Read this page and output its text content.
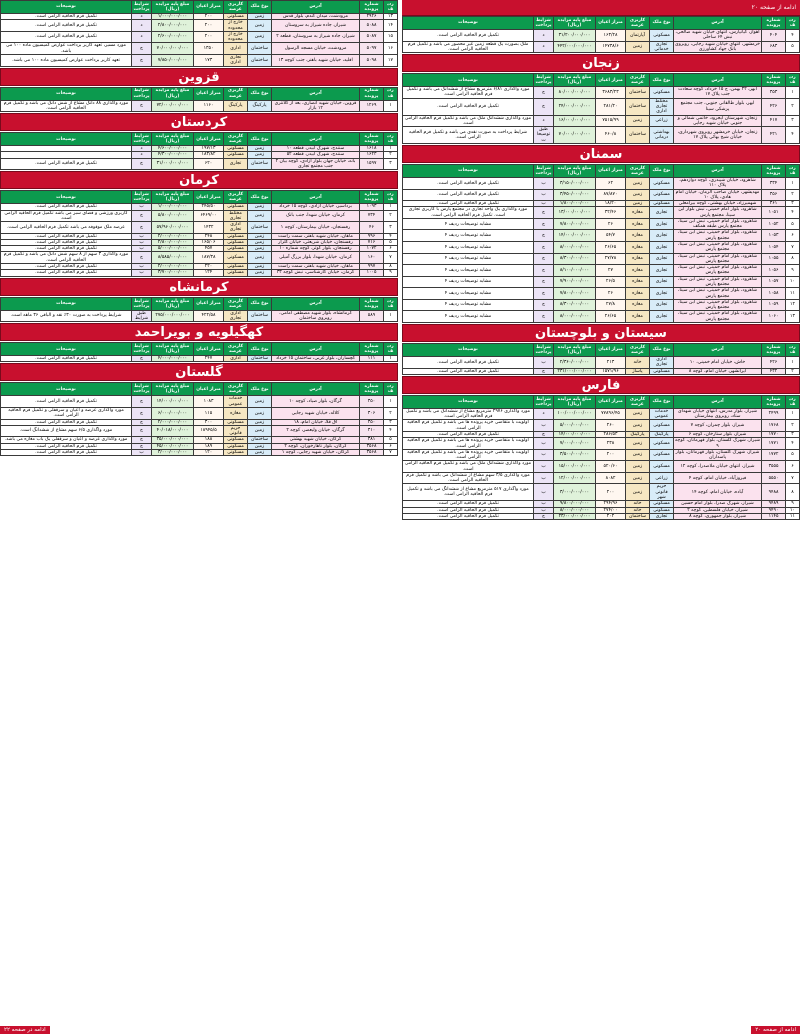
ادامه از صفحه ۲۰
ردیف	شماره پرونده	آدرس	نوع ملک	کاربری عرصه	متراژ اعیان	مبلغ پایه مزایده (ریال)	شرایط پرداخت	توضیحات
۴	۴۰۴	اهواز، کیانپارس، انتهای خیابان شهید صالحی، نبش ۶۴ ساحلی	مسکونی	آپارتمان	۱۶۳/۲۸	۳۱/۲۰۰/۰۰۰/۰۰۰	د	تکمیل فرم الحاقیه الزامی است.
۵	۶۸۳	خرمشهر، انتهای خیابان شهید رجایی، روبروی بانک جهاد کشاورزی	تجاری خدماتی	زمین	۱۴۷۳۸/۶	۴۴۲/۰۰۰/۰۰۰/۰۰۰	د	ملک بصورت یک قطعه زمین غیر محصور می باشد و تکمیل فرم الحاقیه الزامی است.
زنجان
ردیف	شماره پرونده	آدرس	نوع ملک	کاربری عرصه	متراژ اعیان	مبلغ پایه مزایده (ریال)	شرایط پرداخت	توضیحات
۱	۳۵۳	ابهر، ۲۲ بهمن، ج ۱۵ خرداد، کوچه سعادت جنب پلاک ۱۷	مسکونی	ساختمان	۳۶۸۳/۲۳	۸۰/۰۰۰/۰۰۰/۰۰۰	ج	مورد واگذاری ۶/۸۱ مترمربع مشاع از ششدانگ می باشد و تکمیل فرم الحاقیه الزامی است.
۲	۴۲۶	ابهر، بلوار طالقانی جنوبی، جنب مجتمع پزشکی سینا	مختلط تجاری اداری	ساختمان	۲۸۱/۲۰	۲۴/۰۰۰/۰۰۰/۰۰۰	ج	تکمیل فرم الحاقیه الزامی است.
۳	۴۱۷	زنجان، شهرستان ایجرود، خاتمی شمالی و جنوبی خیابان شهید رجایی	زراعی	زمین	۷۵۱۵/۹۹	۱۶/۰۰۰/۰۰۰/۰۰۰	د	مورد واگذاری ششدانگ ملک می باشد و تکمیل فرم الحاقیه الزامی است.
۴	۴۲۱	زنجان، خیابان خرمشهر روبروی شهرداری، خیابان شیخ بهائی پلاک ۱۷	بهداشتی درمانی	ساختمان	۴۶۰/۸	۷۰/۰۰۰/۰۰۰/۰۰۰	طبق توضیحات	شرایط پرداخت به صورت نقدی می باشد و تکمیل فرم الحاقیه الزامی است.
سمنان
ردیف	شماره پرونده	آدرس	نوع ملک	کاربری عرصه	متراژ اعیان	مبلغ پایه مزایده (ریال)	شرایط پرداخت	توضیحات
۱	۳۳۴	شاهرود، خیابان شیبدری، کوچه دوازدهم، پلاک ۱۱۰	مسکونی	زمین	۶۲	۳/۱۵۰/۰۰۰/۰۰۰	ب	تکمیل فرم الحاقیه الزامی است.
۲	۳۵۶	مهدیشهر، خیابان صاحب الزمان، خیابان امام هادی، پلاک ۱۰	مسکونی	زمین	۸۷/۸۷۰	۳/۴۵۰/۰۰۰/۰۰۰	ب	تکمیل فرم الحاقیه الزامی است.
۳	۳۶۱	شهمیرزاد، خیابان بهشتی، کوچه بیرامعلی	مسکونی	زمین	۱۸/۲۰	۱/۸۰۰/۰۰۰/۰۰۰	ب	تکمیل فرم الحاقیه الزامی است.
۴	۱۰۵۱	شاهرود، بلوار امام خمینی، نبش بلوار ابن سینا، مجتمع پارس	تجاری	مغازه	۳۲/۴۶	۱۳/۰۰۰/۰۰۰/۰۰۰	ج	مورد واگذاری یک واحد تجاری در مجتمع پارس با کاربری تجاری است. تکمیل فرم الحاقیه الزامی است.
۵	۱۰۵۲	شاهرود، بلوار امام خمینی، نبش ابن سینا، مجتمع پارس طبقه همکف	تجاری	مغازه	۲۶	۷/۸۰۰/۰۰۰/۰۰۰	ج	مشابه توضیحات ردیف ۴
۶	۱۰۵۳	شاهرود، بلوار امام خمینی، نبش ابن سینا، مجتمع پارس	تجاری	مغازه	۵۴/۷	۱۴/۰۰۰/۰۰۰/۰۰۰	ج	مشابه توضیحات ردیف ۴
۷	۱۰۵۴	شاهرود، بلوار امام خمینی، نبش ابن سینا، مجتمع پارس	تجاری	مغازه	۲۶/۶۵	۸/۰۰۰/۰۰۰/۰۰۰	ج	مشابه توضیحات ردیف ۴
۸	۱۰۵۵	شاهرود، بلوار امام خمینی، نبش ابن سینا، مجتمع پارس	تجاری	مغازه	۲۷/۷۸	۸/۳۰۰/۰۰۰/۰۰۰	ج	مشابه توضیحات ردیف ۴
۹	۱۰۵۶	شاهرود، بلوار امام خمینی، نبش ابن سینا، مجتمع پارس	تجاری	مغازه	۲۷	۸/۱۰۰/۰۰۰/۰۰۰	ج	مشابه توضیحات ردیف ۴
۱۰	۱۰۵۷	شاهرود، بلوار امام خمینی، نبش ابن سینا، مجتمع پارس	تجاری	مغازه	۲۶/۵	۷/۹۰۰/۰۰۰/۰۰۰	ج	مشابه توضیحات ردیف ۴
۱۱	۱۰۵۸	شاهرود، بلوار امام خمینی، نبش ابن سینا، مجتمع پارس	تجاری	مغازه	۲۶	۷/۸۰۰/۰۰۰/۰۰۰	ج	مشابه توضیحات ردیف ۴
۱۲	۱۰۵۹	شاهرود، بلوار امام خمینی، نبش ابن سینا، مجتمع پارس	تجاری	مغازه	۲۷/۸	۸/۳۰۰/۰۰۰/۰۰۰	ج	مشابه توضیحات ردیف ۴
۱۳	۱۰۶۰	شاهرود، بلوار امام خمینی، نبش ابن سینا، مجتمع پارس	تجاری	مغازه	۲۶/۶۵	۸/۰۰۰/۰۰۰/۰۰۰	ج	مشابه توضیحات ردیف ۴
سیستان و بلوچستان
ردیف	شماره پرونده	آدرس	نوع ملک	کاربری عرصه	متراژ اعیان	مبلغ پایه مزایده (ریال)	شرایط پرداخت	توضیحات
۱	۴۲۶	خاش، خیابان امام خمینی، ۱۰	اداری تجاری	خانه	۲۱۳	۲/۳۶۰/۰۰۰/۰۰۰	ب	تکمیل فرم الحاقیه الزامی است.
۲	۴۳۲	ایرانشهر، خیابان امام، کوچه ۸	مسکونی	پاساژ	۱۵۷۱/۹۶	۲۳۱/۰۰۰/۰۰۰/۰۰۰	ج	تکمیل فرم الحاقیه الزامی است.
فارس
ردیف	شماره پرونده	آدرس	نوع ملک	کاربری عرصه	متراژ اعیان	مبلغ پایه مزایده (ریال)	شرایط پرداخت	توضیحات
۱	۲۴۹۹	شیراز، بلوار مدرس، انتهای خیابان شهدای ستاد، روبروی بیمارستان	خدمات عمومی	زمین	۷۷۸۹۶/۴۵	۱۰۰/۰۰۰/۰۰۰/۰۰۰	د	مورد واگذاری ۲۹۷۶ مترمربع مشاع از ششدانگ می باشد و تکمیل فرم الحاقیه الزامی است.
۲	۱۷۶۸	شیراز، بلوار چمران، کوچه ۷	مسکونی	زمین	۲۶۰	۵/۰۰۰/۰۰۰/۰۰۰	ب	اولویت با متقاضی خرید پرونده ها می باشد و تکمیل فرم الحاقیه الزامی است.
۳	۱۷۷۰	شیراز، بلوار ستارخان، کوچه ۶	پارکینگ	پارکینگ	۲۸۶/۵۳	۱۴/۰۰۰/۰۰۰/۰۰۰	ج	تکمیل فرم الحاقیه الزامی است.
۴	۱۷۷۱	شیراز، شهرک گلستان، بلوار قهرمانان، کوچه ۹	مسکونی	زمین	۲۳۸	۷/۰۰۰/۰۰۰/۰۰۰	ب	اولویت با متقاضی خرید پرونده ها می باشد و تکمیل فرم الحاقیه الزامی است.
۵	۱۷۷۲	شیراز، شهرک گلستان، بلوار قهرمانان، بلوار پاسداران	مسکونی	زمین	۲۰۰	۳/۵۰۰/۰۰۰/۰۰۰	ب	اولویت با متقاضی خرید پرونده ها می باشد و تکمیل فرم الحاقیه الزامی است.
۶	۳۵۵۵	شیراز، انتهای خیابان ملاصدرا، کوچه ۱۲	مسکونی	زمین	۵۲۰/۶۰	۱۵/۰۰۰/۰۰۰/۰۰۰	ب	مورد واگذاری ششدانگ ملک می باشد و تکمیل فرم الحاقیه الزامی است.
۷	۵۵۵۰	فیروزآباد، خیابان امام، کوچه ۴	زراعی	زمین	۸۰۸۲	۱۲/۰۰۰/۰۰۰/۰۰۰	ب	مورد واگذاری ۳/۵ سهم مشاع از ششدانگ می باشد و تکمیل فرم الحاقیه الزامی است.
۸	۹۴۸۸	آباده، خیابان امام، کوچه ۱۴	حریم قانونی شهر	زمین	۲۰۰	۳/۰۰۰/۰۰۰/۰۰۰	ب	مورد واگذاری ۵۱۷ مترمربع مشاع از ششدانگ می باشد و تکمیل فرم الحاقیه الزامی است.
۹	۹۴۸۹	شیراز، شهرک صدرا، بلوار امام حسین	مسکونی	خانه	۲۹۴/۹۶	۹/۸۰۰/۰۰۰/۰۰۰	ب	تکمیل فرم الحاقیه الزامی است.
۱۰	۹۴۹۰	شیراز، خیابان فلسطین، کوچه ۲	مسکونی	خانه	۲۷۴/۰۰	۸/۰۰۰/۰۰۰/۰۰۰	ب	تکمیل فرم الحاقیه الزامی است.
۱۱	۱۱۴۵	شیراز، بلوار جمهوری، کوچه ۸	تجاری	ساختمان	۲۰۲	۲۳/۰۰۰/۰۰۰/۰۰۰	ج	تکمیل فرم الحاقیه الزامی است.
ردیف	شماره پرونده	آدرس	نوع ملک	کاربری عرصه	متراژ اعیان	مبلغ پایه مزایده (ریال)	شرایط پرداخت	توضیحات
۱۳	۲۹۲۶	مرودشت، میدان گندم، بلوار قدس	زمین	مسکونی	۲۰۰	۱/۰۰۰/۰۰۰/۰۰۰	د	تکمیل فرم الحاقیه الزامی است.
۱۴	۵۰۸۸	شیراز، جاده شیراز به سروستان	زمین	خارج از محدوده	۲۰۰	۲/۸۰۰/۰۰۰/۰۰۰	د	تکمیل فرم الحاقیه الزامی است.
۱۵	۵۰۸۷	شیراز، جاده شیراز به سروستان، قطعه ۲	زمین	خارج از محدوده	۲۰۰	۲/۶۰۰/۰۰۰/۰۰۰	د	تکمیل فرم الحاقیه الزامی است.
۱۶	۵۰۹۷	مرودشت، خیابان مسجد الرسول	ساختمان	اداری	۱۳۵۰	۷۰/۰۰۰/۰۰۰/۰۰۰	ج	مورد مسیر، تعهد کاربر برداخت عوارض کمیسیون ماده ۱۰۰ می باشد.
۱۷	۵۰۹۸	اقلید، خیابان شهید باهنر، جنب کوچه ۱۳	ساختمان	تجاری اداری	۱۷۳	۷/۸۵۰/۰۰۰/۰۰۰	ج	تعهد کاربر برداخت عوارض کمیسیون ماده ۱۰۰ می باشد.
قزوین
ردیف	شماره پرونده	آدرس	نوع ملک	کاربری عرصه	متراژ اعیان	مبلغ پایه مزایده (ریال)	شرایط پرداخت	توضیحات
۱	۱۲۶۹	قزوین، خیابان شهید انصاری، بعد از کلانتری ۱۲ بازار	پارکینگ	پارکینگ	۱۱۶۰	۷۲/۰۰۰/۰۰۰/۰۰۰	ج	مورد واگذاری ۸۸ دانگ مشاع از شش دانگ می باشد و تکمیل فرم الحاقیه الزامی است.
کردستان
ردیف	شماره پرونده	آدرس	نوع ملک	کاربری عرصه	متراژ اعیان	مبلغ پایه مزایده (ریال)	شرایط پرداخت	توضیحات
۱	۱۶۱۸	سنندج، شهرک آبیدر، قطعه ۱۰	زمین	مسکونی	۱۹۷/۱۳	۴/۶۰۰/۰۰۰/۰۰۰	د	
۲	۱۶۲۳	سنندج، شهرک آبیدر، قطعه ۵۲	زمین	مسکونی	۱۸۳/۸۲	۴/۳۰۰/۰۰۰/۰۰۰	د	
۳	۱۵۹۷	بانه، خیابان جهان بلوار آزادی، کوچه بیان ۲ جنب مجتمع تجاری	ساختمان	تجاری	۶۲۰	۳۱/۰۰۰/۰۰۰/۰۰۰	ج	تکمیل فرم الحاقیه الزامی است.
کرمان
ردیف	شماره پرونده	آدرس	نوع ملک	کاربری عرصه	متراژ اعیان	مبلغ پایه مزایده (ریال)	شرایط پرداخت	توضیحات
۱	۱۰۹۳	برداسیر، خیابان آزادی، کوچه ۱۵ خرداد	زمین	مسکونی	۲۴۵/۵۰	۱/۰۰۰/۰۰۰/۰۰۰	ب	تکمیل فرم الحاقیه الزامی است.
۲	۷۳۴	کرمان، خیابان شهدا، جنب بانک	زمین	مختلط تجاری	۶۴۶۹/۰۰	۵/۸۰۰/۰۰۰/۰۰۰	ج	کاربری ورزشی و فضای سبز می باشد تکمیل فرم الحاقیه الزامی است.
۳	۴۶	رفسنجان، خیابان بیمارستان، کوچه ۱	ساختمان	اداری تجاری	۱۴۳۲	۵۷/۹۶۰/۰۰۰/۰۰۰	ج	عرصه ملک موقوفه می باشد تکمیل فرم الحاقیه الزامی است.
۴	۹۹۶	ماهان، خیابان شهید باهنر، سمت راست	زمین	مسکونی	۲۴۸	۲/۰۰۰/۰۰۰/۰۰۰	ب	تکمیل فرم الحاقیه الزامی است.
۵	۷۱۶	رفسنجان، خیابان شریعتی، خیابان گلزار	زمین	مسکونی	۱۶۵/۰۶	۲/۸۰۰/۰۰۰/۰۰۰	ب	تکمیل فرم الحاقیه الزامی است.
۶	۱۰۷۲	رفسنجان، بلوار کوثر، کوچه شماره ۱۰	زمین	مسکونی	۴۵۷	۵/۰۰۰/۰۰۰/۰۰۰	ب	تکمیل فرم الحاقیه الزامی است.
۷	۱۶۰	کرمان، خیابان شهدا، بلوار بزرگ آمیلی	زمین	مسکونی	۱۸۷/۳۸	۸/۵۸۵/۰۰۰/۰۰۰	ج	مورد واگذاری ۳ سهم از ۸ سهم شش دانگ می باشد و تکمیل فرم الحاقیه الزامی است.
۸	۹۹۷	ماهان، خیابان شهید باهنر، سمت راست	زمین	مسکونی	۲۲۰	۲/۰۰۰/۰۰۰/۰۰۰	ب	تکمیل فرم الحاقیه الزامی است.
۹	۱۰۰۵	کرمان، خیابان کارشناسی، نبش کوچه ۳۳	زمین	مسکونی	۱۲۴	۳/۷۰۰/۰۰۰/۰۰۰	ب	تکمیل فرم الحاقیه الزامی است.
کرمانشاه
ردیف	شماره پرونده	آدرس	نوع ملک	کاربری عرصه	متراژ اعیان	مبلغ پایه مزایده (ریال)	شرایط پرداخت	توضیحات
۱	۵۸۹	کرمانشاه، بلوار شهید مصطفی امامی، روبروی ساختمان	ساختمان	اداری تجاری	۴۲۲/۵۸	۲۷۵/۰۰۰/۰۰۰/۰۰۰	طبق شرایط	شرایط پرداخت به صورت ۳۰٪ نقد و الباقی ۳۶ ماهه است.
کهگیلویه و بویراحمد
ردیف	شماره پرونده	آدرس	نوع ملک	کاربری عرصه	متراژ اعیان	مبلغ پایه مزایده (ریال)	شرایط پرداخت	توضیحات
۱	۱۱۱	گچساران، بلوار غربی، ساختمان ۱۵ خرداد	ساختمان	اداری	۲۴۷	۴/۰۰۰/۰۰۰/۰۰۰	ج	تکمیل فرم الحاقیه الزامی است.
گلستان
ردیف	شماره پرونده	آدرس	نوع ملک	کاربری عرصه	متراژ اعیان	مبلغ پایه مزایده (ریال)	شرایط پرداخت	توضیحات
۱	۳۵۰	گرگان، بلوار صیاد، کوچه ۱۰	زمین	خدمات عمومی	۱۰۸۳	۱۴/۰۰۰/۰۰۰/۰۰۰	ج	تکمیل فرم الحاقیه الزامی است.
۲	۳۰۶	کلاله، خیابان شهید رجایی	زمین	مغازه	۱۱۵	۶/۰۰۰/۰۰۰/۰۰۰	ج	مورد واگذاری عرصه و اعیان و سرقفلی و تکمیل فرم الحاقیه الزامی است.
۳	۳۵۰	آق قلا، خیابان امام، ۱۸	زمین	مسکونی	۳۰۰	۲/۰۰۰/۰۰۰/۰۰۰	ج	تکمیل فرم الحاقیه الزامی است.
۴	۳۱۰	گرگان، خیابان ولیعصر، کوچه ۲	زمین	حریم قانونی	۱۸۹۴۵/۵	۴۰/۰۱۸/۰۰۰/۰۰۰	ج	مورد واگذاری ۶/۵ سهم مشاع از ششدانگ است.
۵	۳۸۱	گرگان، خیابان شهید بهشتی	ساختمان	مسکونی	۱۸۸	۳۵/۰۰۰/۰۰۰/۰۰۰	ج	مورد واگذاری عرصه و اعیان و سرقفلی یک باب مغازه می باشد.
۶	۳۵۶۸	گرگان، بلوار ناهارخوران، کوچه ۲	زمین	مسکونی	۱۸۹	۴۵/۰۰۰/۰۰۰/۰۰۰	ج	تکمیل فرم الحاقیه الزامی است.
۷	۳۵۶۸	گرگان، خیابان شهید رجایی، کوچه ۱	زمین	مسکونی	۱۲۰	۳/۰۰۰/۰۰۰/۰۰۰	ب	تکمیل فرم الحاقیه الزامی است.
ادامه از صفحه ۲۰
ادامه در صفحه ۲۲
